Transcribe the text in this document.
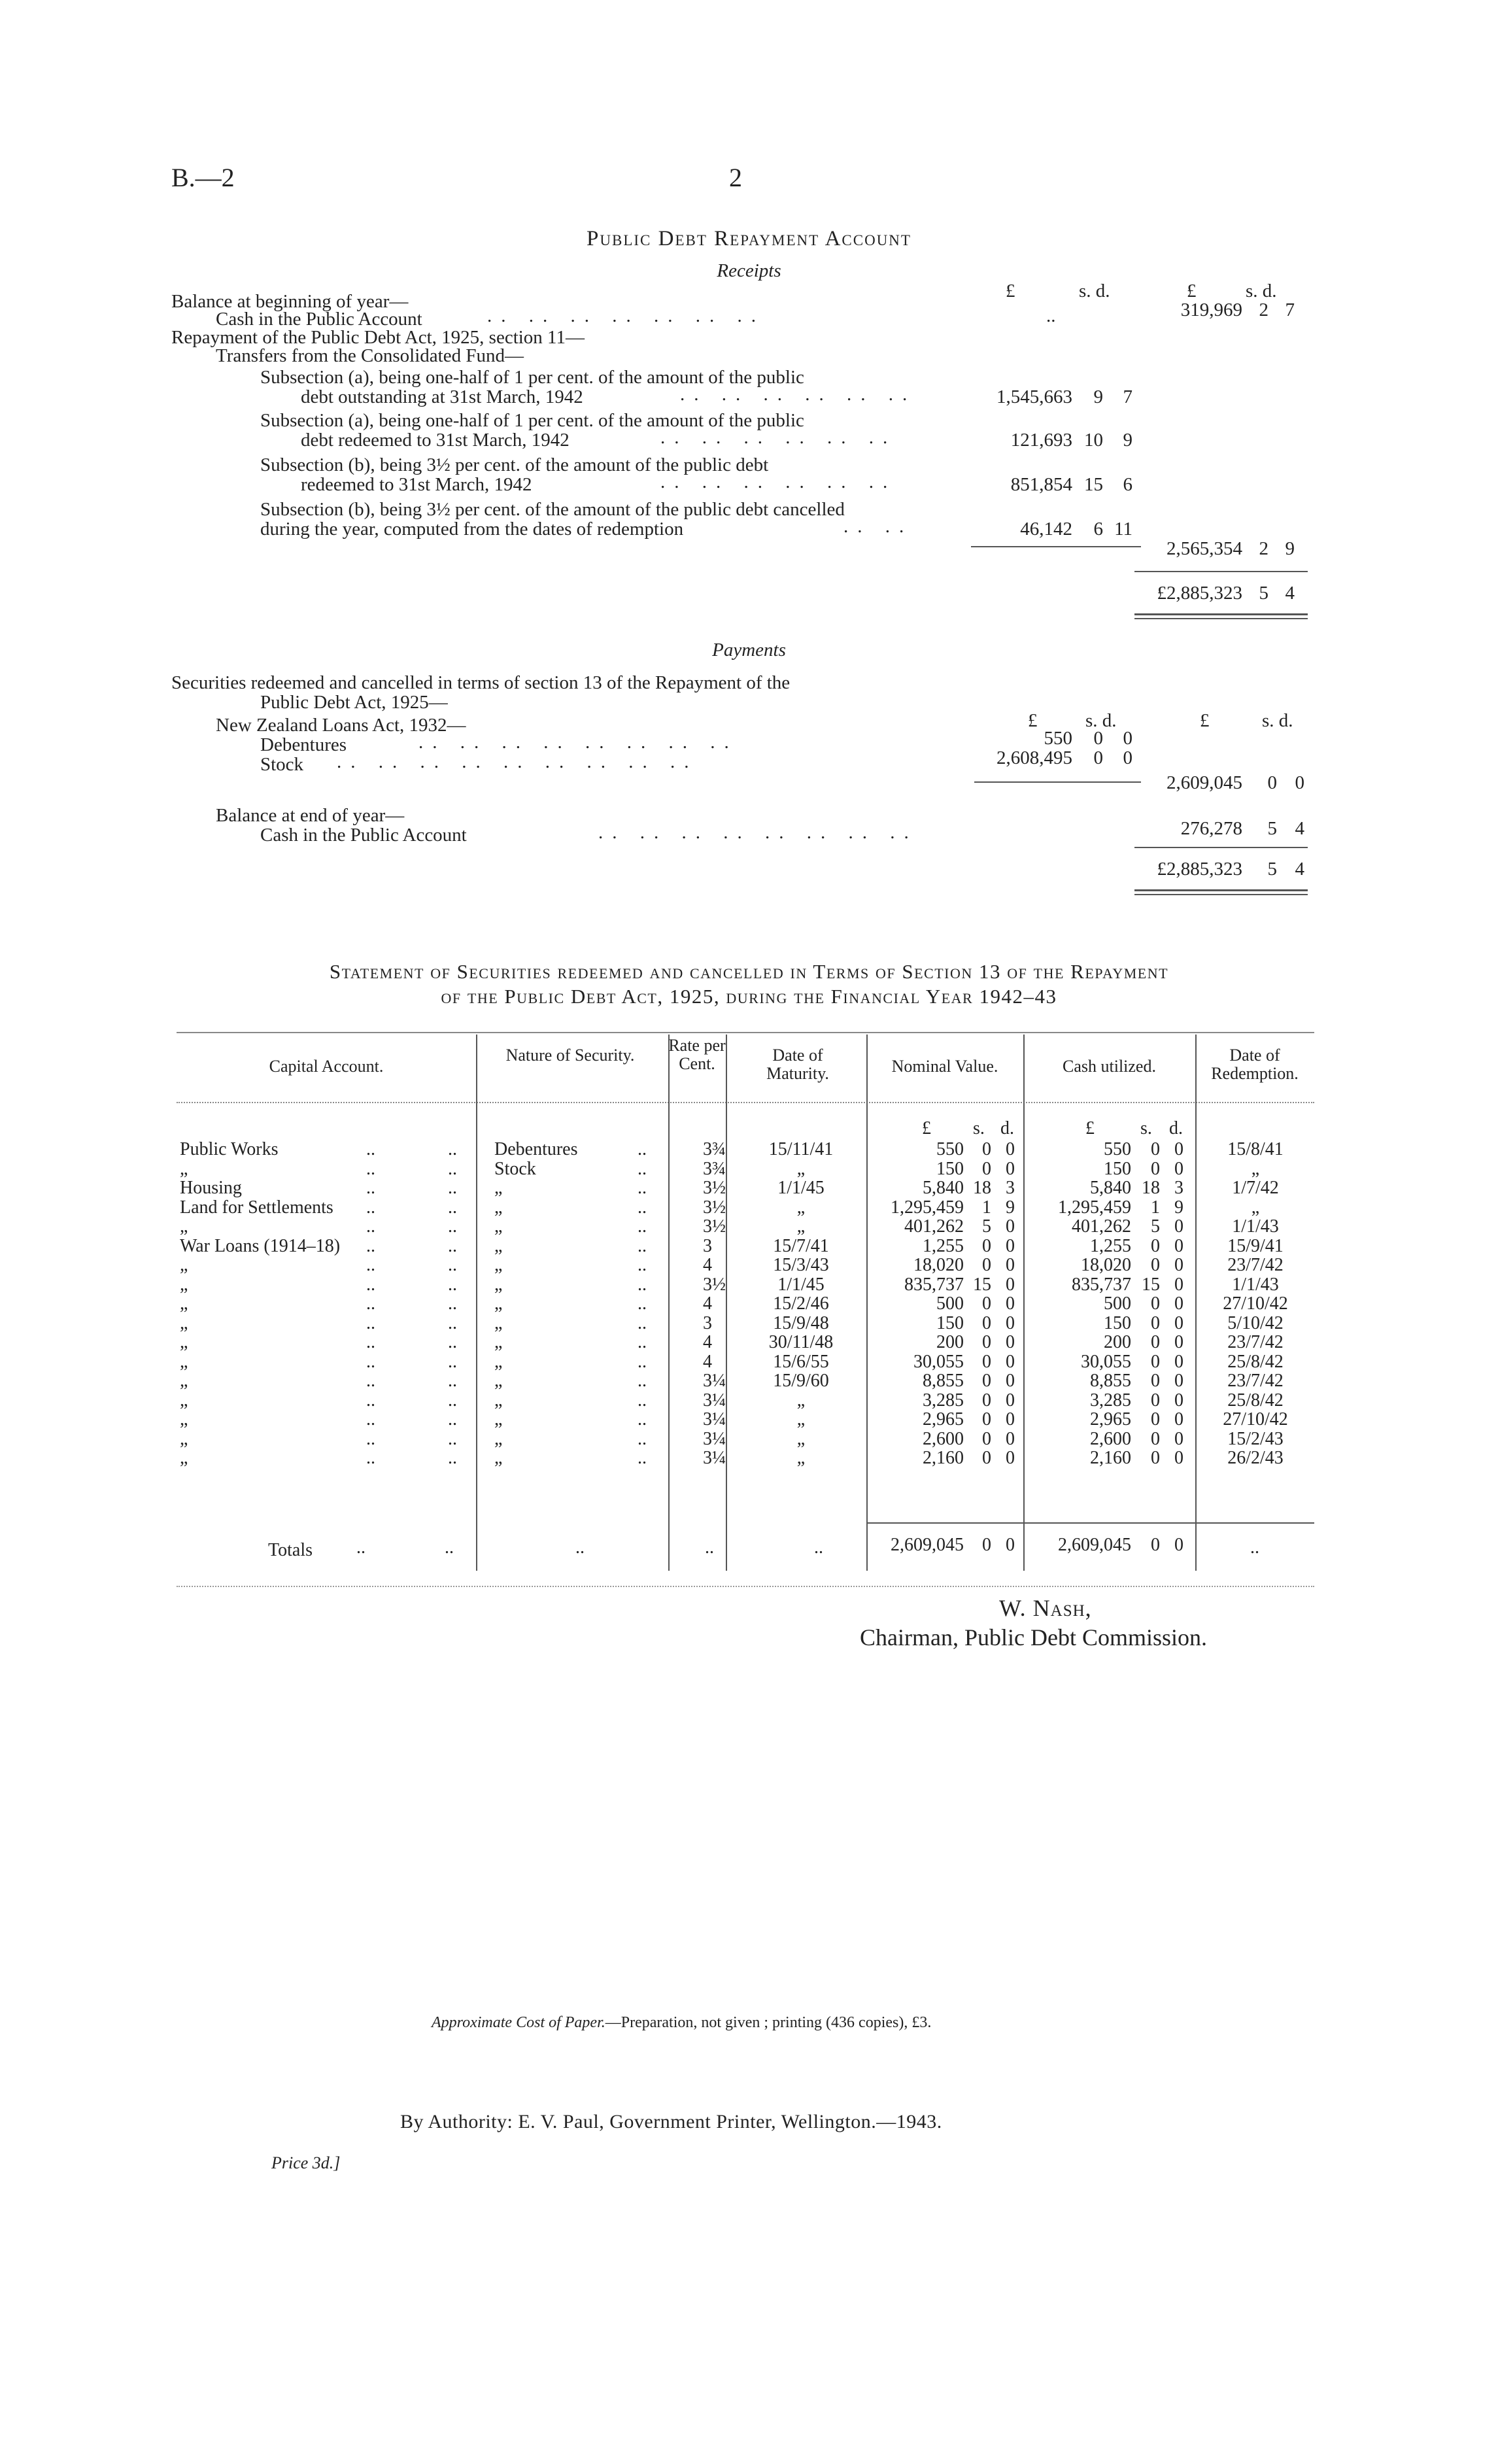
B.—2	2
Public Debt Repayment Account
Receipts
£	s. d.	£	s. d.
Balance at beginning of year—
Cash in the Public Account	.. .. .. .. .. .. ..	..	319,969 2 7
Repayment of the Public Debt Act, 1925, section 11—
Transfers from the Consolidated Fund—
Subsection (a), being one-half of 1 per cent. of the amount of the public
debt outstanding at 31st March, 1942	.. .. .. .. .. ..	1,545,663	9	7
Subsection (a), being one-half of 1 per cent. of the amount of the public
debt redeemed to 31st March, 1942	.. .. .. .. .. ..	121,693 10	9
Subsection (b), being 3½ per cent. of the amount of the public debt
redeemed to 31st March, 1942	.. .. .. .. .. ..	851,854 15	6
Subsection (b), being 3½ per cent. of the amount of the public debt cancelled
during the year, computed from the dates of redemption	.. ..	46,142	6 11
2,565,354 2 9
£2,885,323 5 4
Payments
Securities redeemed and cancelled in terms of section 13 of the Repayment of the
Public Debt Act, 1925—
New Zealand Loans Act, 1932—	£	s. d.	£	s. d.
Debentures	.. .. .. .. .. .. .. ..	550	0	0
Stock .. .. .. .. .. .. .. .. ..	2,608,495	0	0
2,609,045	0 0
Balance at end of year—
Cash in the Public Account	.. .. .. .. .. .. .. ..	276,278	5 4
£2,885,323	5 4
Statement of Securities redeemed and cancelled in Terms of Section 13 of the Repayment
of the Public Debt Act, 1925, during the Financial Year 1942–43
Capital Account.
Nature of Security.
Rate per Cent.	Date of Maturity.	Nominal Value.	Cash utilized.
Date of Redemption.
£ s. d.	£	s. d.
Public Works	..	.. Debentures	..	3¾	15/11/41	550	0 0	550	0 0	15/8/41
„	..	.. Stock	..	3¾	„	150	0 0	150	0 0	„
Housing	..	.. „	..	3½	1/1/45	5,840 18 3	5,840 18 3	1/7/42
Land for Settlements ..	.. „	..	3½	„	1,295,459	1 9	1,295,459	1 9	„
„	..	.. „	..	3½	„	401,262	5 0	401,262	5 0	1/1/43
War Loans (1914–18) ..	.. „	..	3	15/7/41	1,255	0 0	1,255	0 0	15/9/41
„	..	.. „	..	4	15/3/43	18,020	0 0	18,020	0 0	23/7/42
„	..	.. „	..	3½	1/1/45	835,737 15 0	835,737 15 0	1/1/43
„	..	.. „	..	4	15/2/46	500	0 0	500	0 0	27/10/42
„	..	.. „	..	3	15/9/48	150	0 0	150	0 0	5/10/42
„	..	.. „	..	4	30/11/48	200	0 0	200	0 0	23/7/42
„	..	.. „	..	4	15/6/55	30,055	0 0	30,055	0 0	25/8/42
„	..	.. „	..	3¼	15/9/60	8,855	0 0	8,855	0 0	23/7/42
„	..	.. „	..	3¼	„	3,285	0 0	3,285	0 0	25/8/42
„	..	.. „	..	3¼	„	2,965	0 0	2,965	0 0	27/10/42
„	..	.. „	..	3¼	„	2,600	0 0	2,600	0 0	15/2/43
„	..	.. „	..	3¼	„	2,160	0 0	2,160	0 0	26/2/43
Totals ..	..	..	..	..	2,609,045	0 0	2,609,045	0 0	..
W. Nash,
Chairman, Public Debt Commission.
Approximate Cost of Paper.—Preparation, not given ; printing (436 copies), £3.
By Authority: E. V. Paul, Government Printer, Wellington.—1943.
Price 3d.]
